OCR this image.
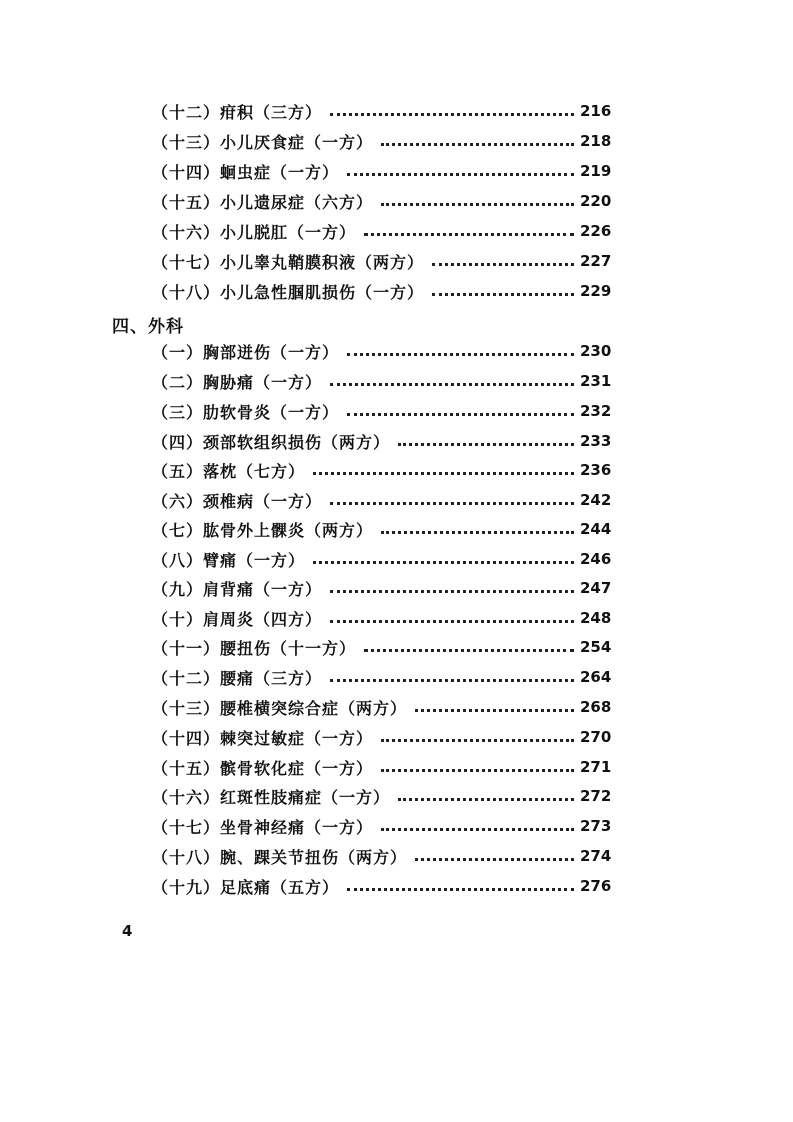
（十二）疳积（三方）	216
（十三）小儿厌食症（一方）	218
（十四）蛔虫症（一方）	219
（十五）小儿遗尿症（六方）	220
（十六）小儿脱肛（一方）	226
（十七）小儿睾丸鞘膜积液（两方）	227
（十八）小儿急性腘肌损伤（一方）	229
四、外科
（一）胸部迸伤（一方）	230
（二）胸胁痛（一方）	231
（三）肋软骨炎（一方）	232
（四）颈部软组织损伤（两方）	233
（五）落枕（七方）	236
（六）颈椎病（一方）	242
（七）肱骨外上髁炎（两方）	244
（八）臂痛（一方）	246
（九）肩背痛（一方）	247
（十）肩周炎（四方）	248
（十一）腰扭伤（十一方）	254
（十二）腰痛（三方）	264
（十三）腰椎横突综合症（两方）	268
（十四）棘突过敏症（一方）	270
（十五）髌骨软化症（一方）	271
（十六）红斑性肢痛症（一方）	272
（十七）坐骨神经痛（一方）	273
（十八）腕、踝关节扭伤（两方）	274
（十九）足底痛（五方）	276
4
